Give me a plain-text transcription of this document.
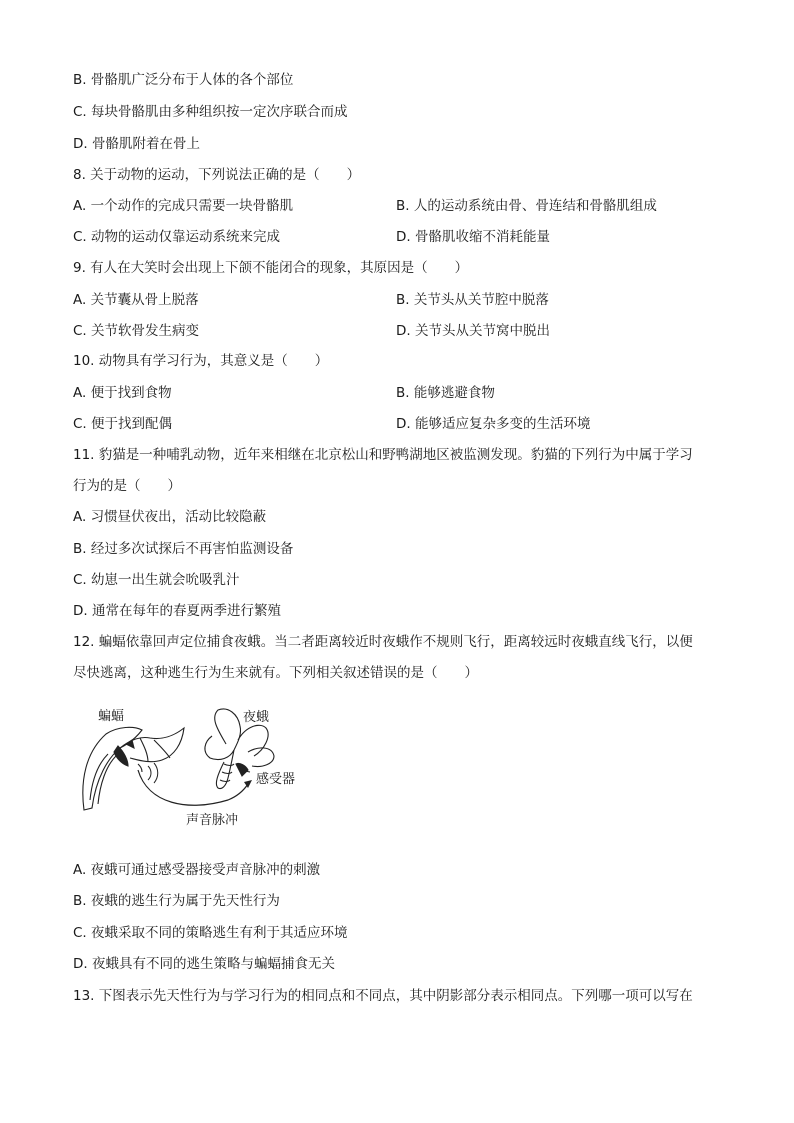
B. 骨骼肌广泛分布于人体的各个部位
C. 每块骨骼肌由多种组织按一定次序联合而成
D. 骨骼肌附着在骨上
8. 关于动物的运动，下列说法正确的是（　　）
A. 一个动作的完成只需要一块骨骼肌	B. 人的运动系统由骨、骨连结和骨骼肌组成
C. 动物的运动仅靠运动系统来完成	D. 骨骼肌收缩不消耗能量
9. 有人在大笑时会出现上下颌不能闭合的现象，其原因是（　　）
A. 关节囊从骨上脱落	B. 关节头从关节腔中脱落
C. 关节软骨发生病变	D. 关节头从关节窝中脱出
10. 动物具有学习行为，其意义是（　　）
A. 便于找到食物	B. 能够逃避食物
C. 便于找到配偶	D. 能够适应复杂多变的生活环境
11. 豹猫是一种哺乳动物，近年来相继在北京松山和野鸭湖地区被监测发现。豹猫的下列行为中属于学习
行为的是（　　）
A. 习惯昼伏夜出，活动比较隐蔽
B. 经过多次试探后不再害怕监测设备
C. 幼崽一出生就会吮吸乳汁
D. 通常在每年的春夏两季进行繁殖
12. 蝙蝠依靠回声定位捕食夜蛾。当二者距离较近时夜蛾作不规则飞行，距离较远时夜蛾直线飞行，以便
尽快逃离，这种逃生行为生来就有。下列相关叙述错误的是（　　）
蝙蝠	夜蛾
感受器
声音脉冲
A. 夜蛾可通过感受器接受声音脉冲的刺激
B. 夜蛾的逃生行为属于先天性行为
C. 夜蛾采取不同的策略逃生有利于其适应环境
D. 夜蛾具有不同的逃生策略与蝙蝠捕食无关
13. 下图表示先天性行为与学习行为的相同点和不同点，其中阴影部分表示相同点。下列哪一项可以写在
